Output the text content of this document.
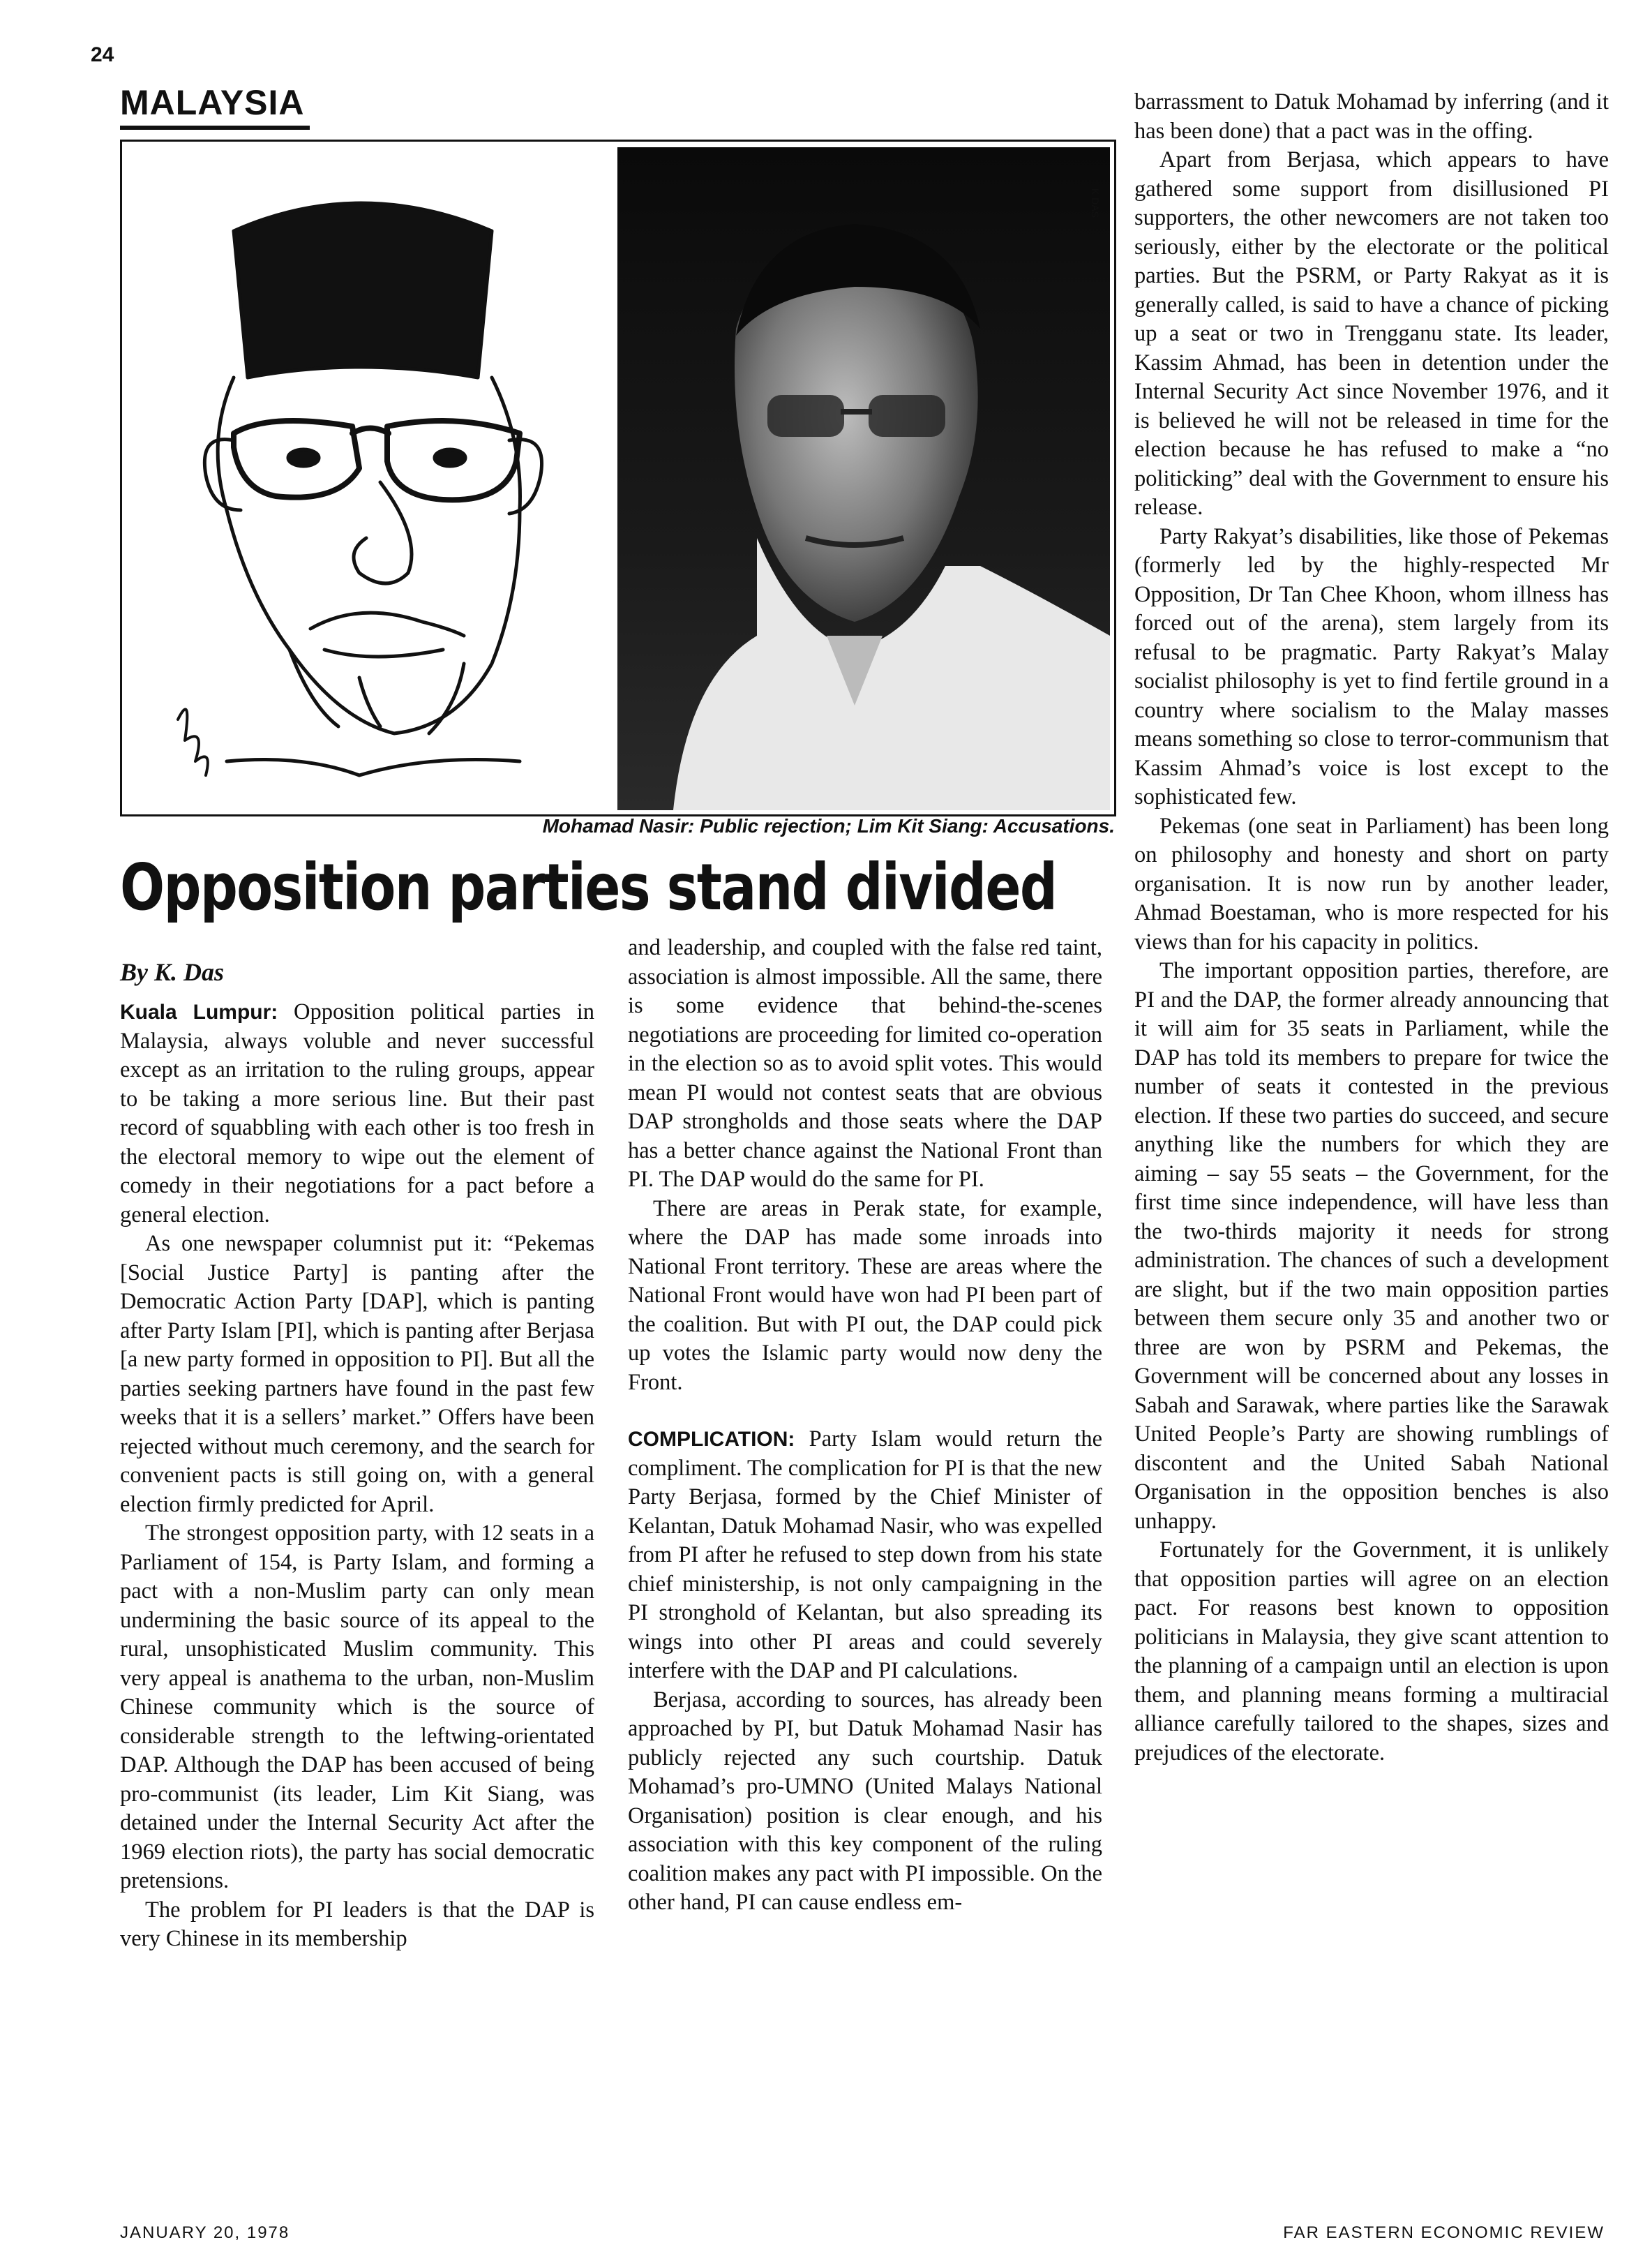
24
MALAYSIA
K DAS
Mohamad Nasir: Public rejection; Lim Kit Siang: Accusations.
Opposition parties stand divided
By K. Das

Kuala Lumpur: Opposition political parties in Malaysia, always voluble and never successful except as an irritation to the ruling groups, appear to be taking a more serious line. But their past record of squabbling with each other is too fresh in the electoral memory to wipe out the element of comedy in their negotiations for a pact before a general election.

As one newspaper columnist put it: “Pekemas [Social Justice Party] is panting after the Democratic Action Party [DAP], which is panting after Party Islam [PI], which is panting after Berjasa [a new party formed in opposition to PI]. But all the parties seeking partners have found in the past few weeks that it is a sellers’ market.” Offers have been rejected without much ceremony, and the search for convenient pacts is still going on, with a general election firmly predicted for April.

The strongest opposition party, with 12 seats in a Parliament of 154, is Party Islam, and forming a pact with a non-Muslim party can only mean undermining the basic source of its appeal to the rural, unsophisticated Muslim community. This very appeal is anathema to the urban, non-Muslim Chinese community which is the source of considerable strength to the leftwing-orientated DAP. Although the DAP has been accused of being pro-communist (its leader, Lim Kit Siang, was detained under the Internal Security Act after the 1969 election riots), the party has social democratic pretensions.

The problem for PI leaders is that the DAP is very Chinese in its membership

and leadership, and coupled with the false red taint, association is almost impossible. All the same, there is some evidence that behind-the-scenes negotiations are proceeding for limited co-operation in the election so as to avoid split votes. This would mean PI would not contest seats that are obvious DAP strongholds and those seats where the DAP has a better chance against the National Front than PI. The DAP would do the same for PI.

There are areas in Perak state, for example, where the DAP has made some inroads into National Front territory. These are areas where the National Front would have won had PI been part of the coalition. But with PI out, the DAP could pick up votes the Islamic party would now deny the Front.

COMPLICATION: Party Islam would return the compliment. The complication for PI is that the new Party Berjasa, formed by the Chief Minister of Kelantan, Datuk Mohamad Nasir, who was expelled from PI after he refused to step down from his state chief ministership, is not only campaigning in the PI stronghold of Kelantan, but also spreading its wings into other PI areas and could severely interfere with the DAP and PI calculations.

Berjasa, according to sources, has already been approached by PI, but Datuk Mohamad Nasir has publicly rejected any such courtship. Datuk Mohamad’s pro-UMNO (United Malays National Organisation) position is clear enough, and his association with this key component of the ruling coalition makes any pact with PI impossible. On the other hand, PI can cause endless em-

barrassment to Datuk Mohamad by inferring (and it has been done) that a pact was in the offing.

Apart from Berjasa, which appears to have gathered some support from disillusioned PI supporters, the other newcomers are not taken too seriously, either by the electorate or the political parties. But the PSRM, or Party Rakyat as it is generally called, is said to have a chance of picking up a seat or two in Trengganu state. Its leader, Kassim Ahmad, has been in detention under the Internal Security Act since November 1976, and it is believed he will not be released in time for the election because he has refused to make a “no politicking” deal with the Government to ensure his release.

Party Rakyat’s disabilities, like those of Pekemas (formerly led by the highly-respected Mr Opposition, Dr Tan Chee Khoon, whom illness has forced out of the arena), stem largely from its refusal to be pragmatic. Party Rakyat’s Malay socialist philosophy is yet to find fertile ground in a country where socialism to the Malay masses means something so close to terror-communism that Kassim Ahmad’s voice is lost except to the sophisticated few.

Pekemas (one seat in Parliament) has been long on philosophy and honesty and short on party organisation. It is now run by another leader, Ahmad Boestaman, who is more respected for his views than for his capacity in politics.

The important opposition parties, therefore, are PI and the DAP, the former already announcing that it will aim for 35 seats in Parliament, while the DAP has told its members to prepare for twice the number of seats it contested in the previous election. If these two parties do succeed, and secure anything like the numbers for which they are aiming – say 55 seats – the Government, for the first time since independence, will have less than the two-thirds majority it needs for strong administration. The chances of such a development are slight, but if the two main opposition parties between them secure only 35 and another two or three are won by PSRM and Pekemas, the Government will be concerned about any losses in Sabah and Sarawak, where parties like the Sarawak United People’s Party are showing rumblings of discontent and the United Sabah National Organisation in the opposition benches is also unhappy.

Fortunately for the Government, it is unlikely that opposition parties will agree on an election pact. For reasons best known to opposition politicians in Malaysia, they give scant attention to the planning of a campaign until an election is upon them, and planning means forming a multiracial alliance carefully tailored to the shapes, sizes and prejudices of the electorate.

JANUARY 20, 1978	FAR EASTERN ECONOMIC REVIEW
